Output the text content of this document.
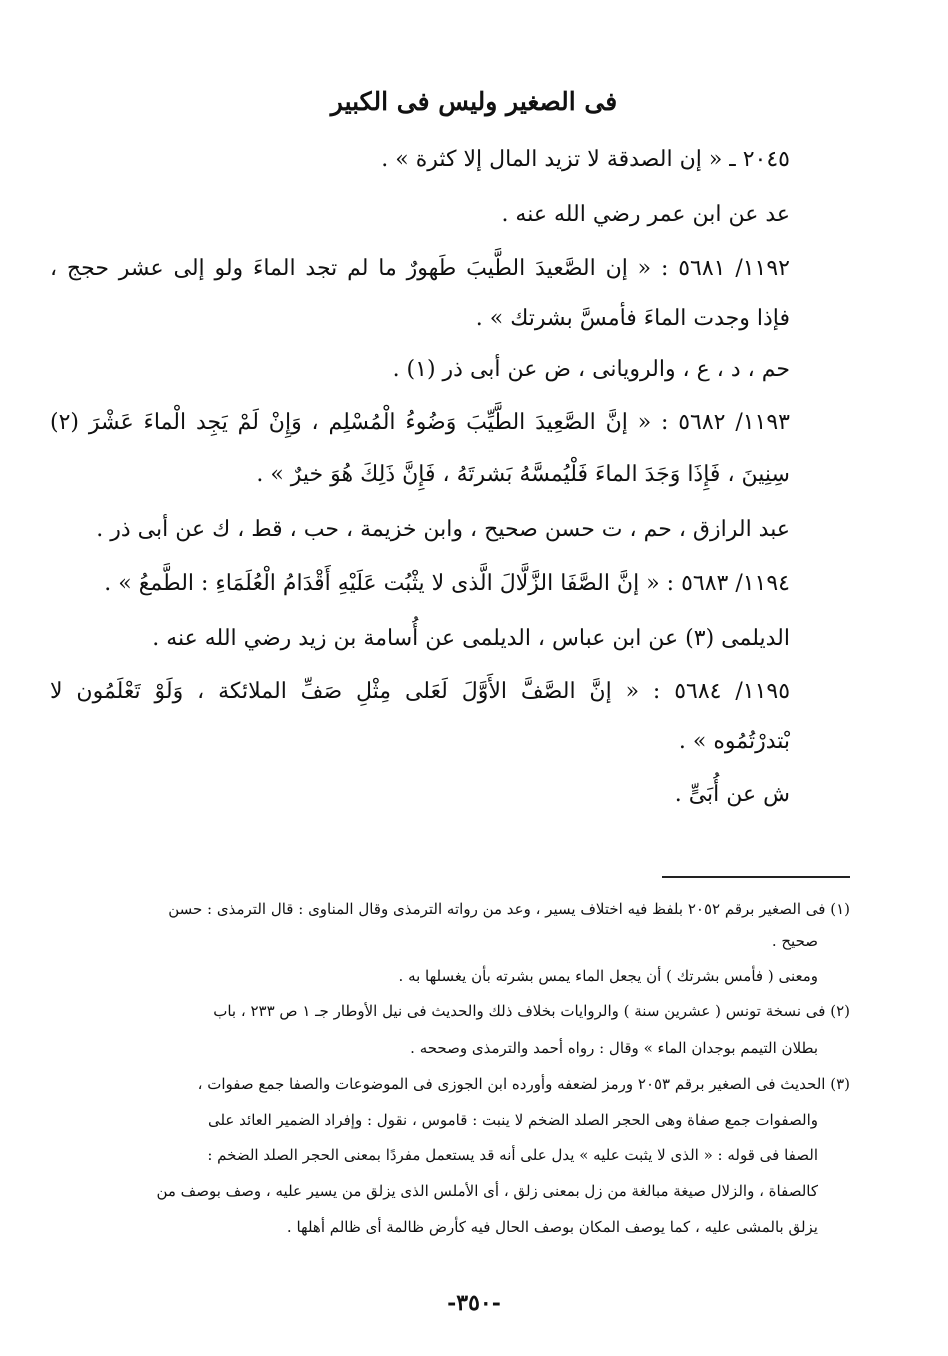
فى الصغير وليس فى الكبير
٢٠٤٥ ـ « إن الصدقة لا تزيد المال إلا كثرة » .
عد عن ابن عمر رضي الله عنه .
١١٩٢/ ٥٦٨١ : « إن الصَّعيدَ الطَّيبَ طَهورٌ ما لم تجد الماءَ ولو إلى عشر حجج ،
فإذا وجدت الماءَ فأمسَّ بشرتك » .
حم ، د ، ع ، والرويانى ، ض عن أبى ذر (١) .
١١٩٣/ ٥٦٨٢ : « إنَّ الصَّعِيدَ الطَّيِّبَ وَضُوءُ الْمُسْلِم ، وَإِنْ لَمْ يَجِد الْماءَ عَشْرَ (٢)
سِنِينَ ، فَإِذَا وَجَدَ الماءَ فَلْيُمسَّهُ بَشرتَهُ ، فَإِنَّ ذَلِكَ هُوَ خيرٌ » .
عبد الرازق ، حم ، ت حسن صحيح ، وابن خزيمة ، حب ، قط ، ك عن أبى ذر .
١١٩٤/ ٥٦٨٣ : « إنَّ الصَّفَا الزَّلَّالَ الَّذى لا يثْبُت عَلَيْهِ أَقْدَامُ الْعُلَمَاءِ : الطَّمعُ » .
الديلمى (٣) عن ابن عباس ، الديلمى عن أُسامة بن زيد رضي الله عنه .
١١٩٥/ ٥٦٨٤ : « إنَّ الصَّفَّ الأَوَّلَ لَعَلى مِثْلِ صَفِّ الملائكة ، وَلَوْ تَعْلَمُون لا
بْتدرْتُمُوه » .
ش عن أُبَىٍّ .
(١) فى الصغير برقم ٢٠٥٢ بلفظ فيه اختلاف يسير ، وعد من رواته الترمذى وقال المناوى : قال الترمذى : حسن
صحيح .
ومعنى ( فأمس بشرتك ) أن يجعل الماء يمس بشرته بأن يغسلها به .
(٢) فى نسخة تونس ( عشرين سنة ) والروايات بخلاف ذلك والحديث فى نيل الأوطار جـ ١ ص ٢٣٣ ، باب
بطلان التيمم بوجدان الماء » وقال : رواه أحمد والترمذى وصححه .
(٣) الحديث فى الصغير برقم ٢٠٥٣ ورمز لضعفه وأورده ابن الجوزى فى الموضوعات والصفا جمع صفوات ،
والصفوات جمع صفاة وهى الحجر الصلد الضخم لا ينبت : قاموس ، نقول : وإفراد الضمير العائد على
الصفا فى قوله : « الذى لا يثبت عليه » يدل على أنه قد يستعمل مفردًا بمعنى الحجر الصلد الضخم :
كالصفاة ، والزلال صيغة مبالغة من زل بمعنى زلق ، أى الأملس الذى يزلق من يسير عليه ، وصف بوصف من
يزلق بالمشى عليه ، كما يوصف المكان بوصف الحال فيه كأرض ظالمة أى ظالم أهلها .
-٣٥٠-
